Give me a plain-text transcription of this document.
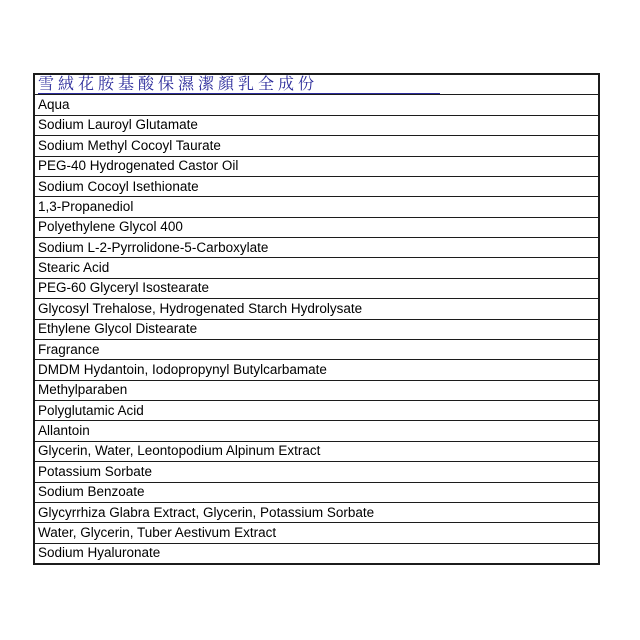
雪絨花胺基酸保濕潔顏乳全成份
Aqua
Sodium Lauroyl Glutamate
Sodium Methyl Cocoyl Taurate
PEG-40 Hydrogenated Castor Oil
Sodium Cocoyl Isethionate
1,3-Propanediol
Polyethylene Glycol 400
Sodium L-2-Pyrrolidone-5-Carboxylate
Stearic Acid
PEG-60 Glyceryl Isostearate
Glycosyl Trehalose, Hydrogenated Starch Hydrolysate
Ethylene Glycol Distearate
Fragrance
DMDM Hydantoin, Iodopropynyl Butylcarbamate
Methylparaben
Polyglutamic Acid
Allantoin
Glycerin, Water, Leontopodium Alpinum Extract
Potassium Sorbate
Sodium Benzoate
Glycyrrhiza Glabra Extract, Glycerin, Potassium Sorbate
Water, Glycerin, Tuber Aestivum Extract
Sodium Hyaluronate
